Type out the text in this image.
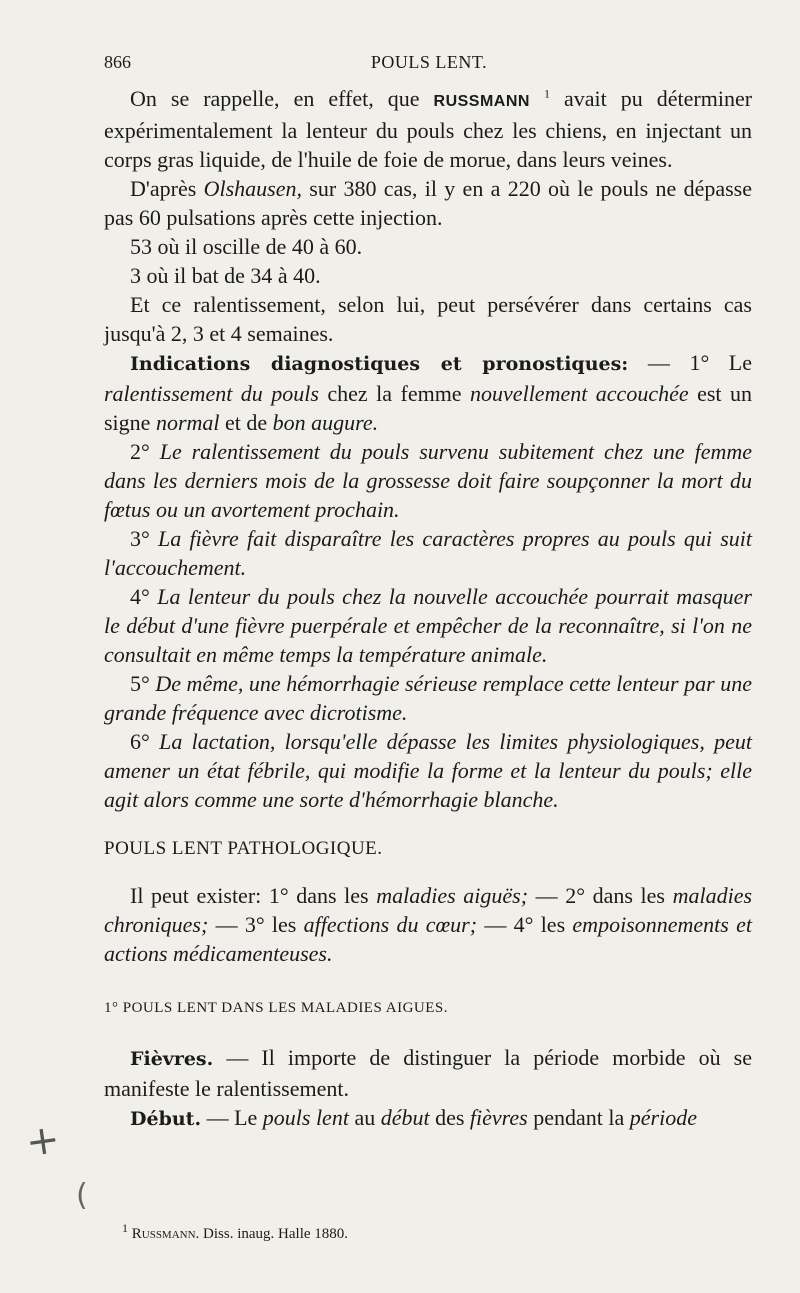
866	POULS LENT.

On se rappelle, en effet, que RUSSMANN $^1$ avait pu déterminer expérimentalement la lenteur du pouls chez les chiens, en injectant un corps gras liquide, de l'huile de foie de morue, dans leurs veines.

D'après Olshausen, sur 380 cas, il y en a 220 où le pouls ne dépasse pas 60 pulsations après cette injection.

53 où il oscille de 40 à 60.

3 où il bat de 34 à 40.

Et ce ralentissement, selon lui, peut persévérer dans certains cas jusqu'à 2, 3 et 4 semaines.

Indications diagnostiques et pronostiques: — 1° Le ralentissement du pouls chez la femme nouvellement accouchée est un signe normal et de bon augure.

2° Le ralentissement du pouls survenu subitement chez une femme dans les derniers mois de la grossesse doit faire soupçonner la mort du fœtus ou un avortement prochain.

3° La fièvre fait disparaître les caractères propres au pouls qui suit l'accouchement.

4° La lenteur du pouls chez la nouvelle accouchée pourrait masquer le début d'une fièvre puerpérale et empêcher de la reconnaître, si l'on ne consultait en même temps la température animale.

5° De même, une hémorrhagie sérieuse remplace cette lenteur par une grande fréquence avec dicrotisme.

6° La lactation, lorsqu'elle dépasse les limites physiologiques, peut amener un état fébrile, qui modifie la forme et la lenteur du pouls; elle agit alors comme une sorte d'hémorrhagie blanche.

POULS LENT PATHOLOGIQUE.

Il peut exister: 1° dans les maladies aiguës; — 2° dans les maladies chroniques; — 3° les affections du cœur; — 4° les empoisonnements et actions médicamenteuses.

1° POULS LENT DANS LES MALADIES AIGUES.

Fièvres. — Il importe de distinguer la période morbide où se manifeste le ralentissement.

Début. — Le pouls lent au début des fièvres pendant la période

$^1$ Russmann. Diss. inaug. Halle 1880.
+
(
